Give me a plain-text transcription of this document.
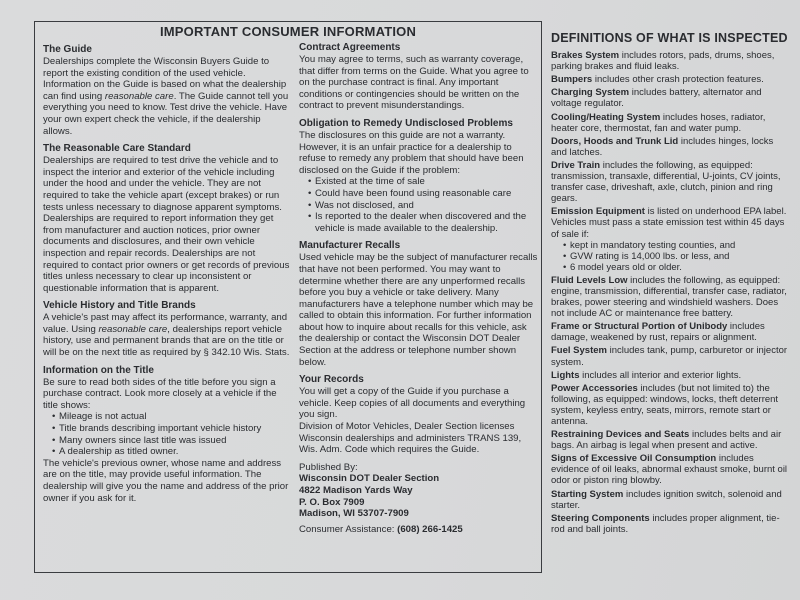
IMPORTANT CONSUMER INFORMATION
The Guide

Dealerships complete the Wisconsin Buyers Guide to report the existing condition of the used vehicle. Information on the Guide is based on what the dealership can find using reasonable care. The Guide cannot tell you everything you need to know. Test drive the vehicle. Have your own expert check the vehicle, if the dealership allows.

The Reasonable Care Standard

Dealerships are required to test drive the vehicle and to inspect the interior and exterior of the vehicle including under the hood and under the vehicle. They are not required to take the vehicle apart (except brakes) or run tests unless necessary to diagnose apparent symptoms.

Dealerships are required to report information they get from manufacturer and auction notices, prior owner documents and disclosures, and their own vehicle inspection and repair records. Dealerships are not required to contact prior owners or get records of previous titles unless necessary to clear up inconsistent or questionable information that is apparent.

Vehicle History and Title Brands

A vehicle's past may affect its performance, warranty, and value. Using reasonable care, dealerships report vehicle history, use and permanent brands that are on the title or will be on the next title as required by § 342.10 Wis. Stats.

Information on the Title

Be sure to read both sides of the title before you sign a purchase contract. Look more closely at a vehicle if the title shows:

• Mileage is not actual
• Title brands describing important vehicle history
• Many owners since last title was issued
• A dealership as titled owner.

The vehicle's previous owner, whose name and address are on the title, may provide useful information. The dealership will give you the name and address of the prior owner if you ask for it.

Contract Agreements

You may agree to terms, such as warranty coverage, that differ from terms on the Guide. What you agree to on the purchase contract is final. Any important conditions or contingencies should be written on the contract to prevent misunderstandings.

Obligation to Remedy Undisclosed Problems

The disclosures on this guide are not a warranty. However, it is an unfair practice for a dealership to refuse to remedy any problem that should have been disclosed on the Guide if the problem:

• Existed at the time of sale
• Could have been found using reasonable care
• Was not disclosed, and
• Is reported to the dealer when discovered and the vehicle is made available to the dealership.
Manufacturer Recalls

Used vehicle may be the subject of manufacturer recalls that have not been performed. You may want to determine whether there are any unperformed recalls before you buy a vehicle or take delivery. Many manufacturers have a telephone number which may be called to obtain this information. For further information about how to inquire about recalls for this vehicle, ask the dealership or contact the Wisconsin DOT Dealer Section at the address or telephone number shown below.

Your Records

You will get a copy of the Guide if you purchase a vehicle. Keep copies of all documents and everything you sign.

Division of Motor Vehicles, Dealer Section licenses Wisconsin dealerships and administers TRANS 139, Wis. Adm. Code which requires the Guide.

Published By:

Wisconsin DOT Dealer Section

4822 Madison Yards Way

P. O. Box 7909

Madison, WI 53707-7909

Consumer Assistance: (608) 266-1425

DEFINITIONS OF WHAT IS INSPECTED
Brakes System includes rotors, pads, drums, shoes, parking brakes and fluid leaks.
Bumpers includes other crash protection features.
Charging System includes battery, alternator and voltage regulator.
Cooling/Heating System includes hoses, radiator, heater core, thermostat, fan and water pump.
Doors, Hoods and Trunk Lid includes hinges, locks and latches.
Drive Train includes the following, as equipped: transmission, transaxle, differential, U-joints, CV joints, transfer case, driveshaft, axle, clutch, pinion and ring gears.
Emission Equipment is listed on underhood EPA label. Vehicles must pass a state emission test within 45 days of sale if:
• kept in mandatory testing counties, and
• GVW rating is 14,000 lbs. or less, and
• 6 model years old or older.
Fluid Levels Low includes the following, as equipped: engine, transmission, differential, transfer case, radiator, brakes, power steering and windshield washers. Does not include AC or maintenance free battery.
Frame or Structural Portion of Unibody includes damage, weakened by rust, repairs or alignment.
Fuel System includes tank, pump, carburetor or injector system.
Lights includes all interior and exterior lights.
Power Accessories includes (but not limited to) the following, as equipped: windows, locks, theft deterrent system, keyless entry, seats, mirrors, remote start or antenna.
Restraining Devices and Seats includes belts and air bags. An airbag is legal when present and active.
Signs of Excessive Oil Consumption includes evidence of oil leaks, abnormal exhaust smoke, burnt oil odor or piston ring blowby.
Starting System includes ignition switch, solenoid and starter.
Steering Components includes proper alignment, tie-rod and ball joints.
